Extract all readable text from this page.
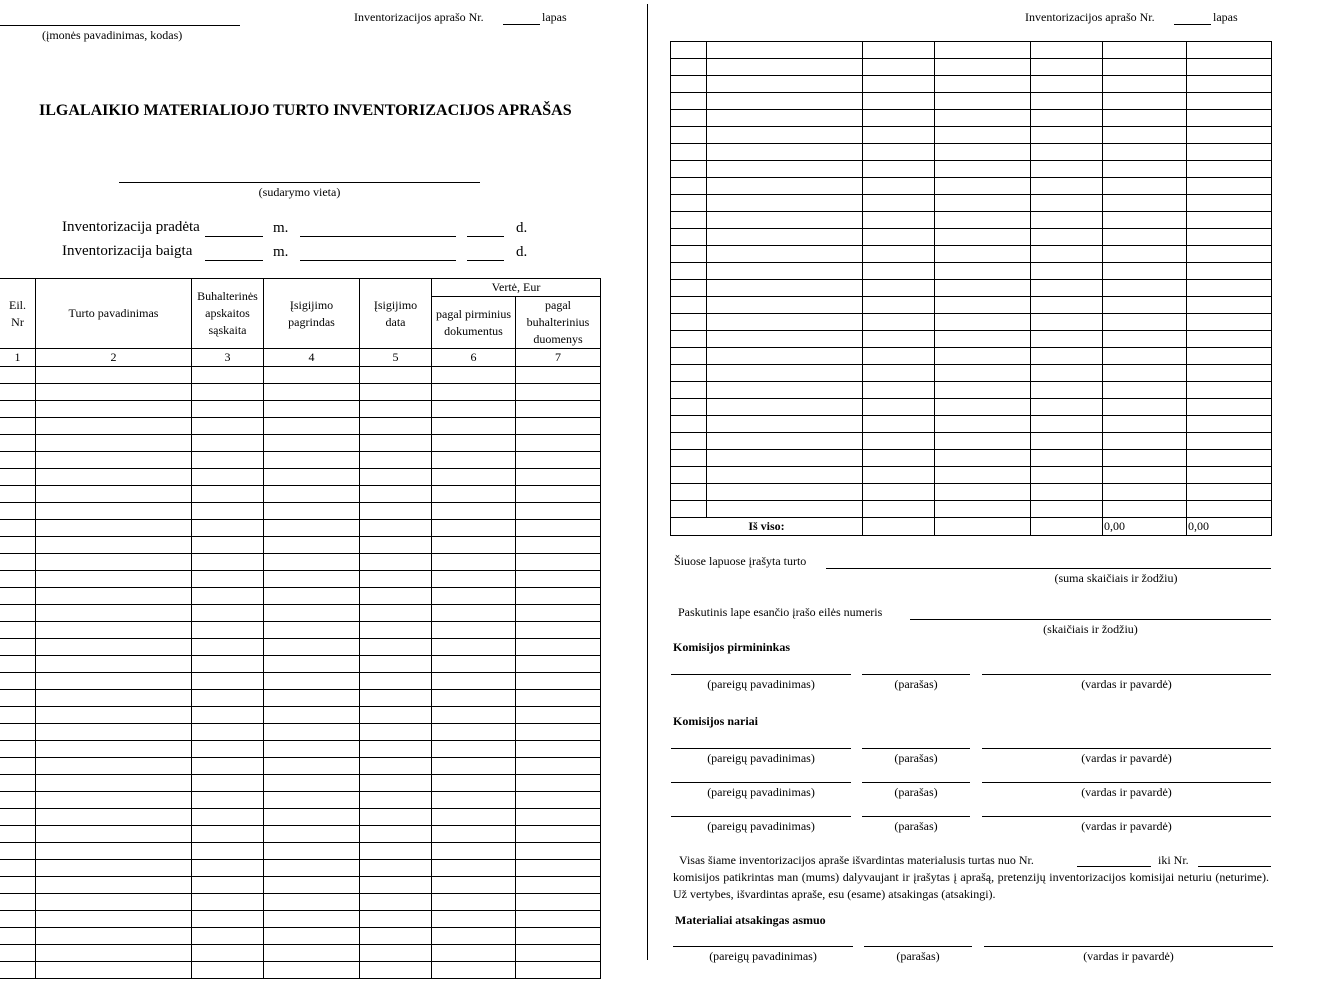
(įmonės pavadinimas, kodas)
Inventorizacijos aprašo Nr.	lapas
ILGALAIKIO MATERIALIOJO TURTO INVENTORIZACIJOS APRAŠAS
(sudarymo vieta)
Inventorizacija pradėta	m.	d.
Inventorizacija baigta	m.	d.
Eil.
Nr	Turto pavadinimas	Buhalterinės apskaitos sąskaita	Įsigijimo pagrindas	Įsigijimo data	Vertė, Eur	
					pagal pirminius dokumentus	pagal buhalterinius duomenys
1	2	3	4	5	6	7

Inventorizacijos aprašo Nr.	lapas

Iš viso:					0,00	0,00
Šiuose lapuose įrašyta turto
(suma skaičiais ir žodžiu)
Paskutinis lape esančio įrašo eilės numeris
(skaičiais ir žodžiu)
Komisijos pirmininkas
(pareigų pavadinimas)	(parašas)	(vardas ir pavardė)
Komisijos nariai
(pareigų pavadinimas)	(parašas)	(vardas ir pavardė)
(pareigų pavadinimas)	(parašas)	(vardas ir pavardė)
(pareigų pavadinimas)	(parašas)	(vardas ir pavardė)
Visas šiame inventorizacijos apraše išvardintas materialusis turtas nuo Nr.	iki Nr.
komisijos patikrintas man (mums) dalyvaujant ir įrašytas į aprašą, pretenzijų inventorizacijos komisijai neturiu (neturime). Už vertybes, išvardintas apraše, esu (esame) atsakingas (atsakingi).
Materialiai atsakingas asmuo
(pareigų pavadinimas)	(parašas)	(vardas ir pavardė)
